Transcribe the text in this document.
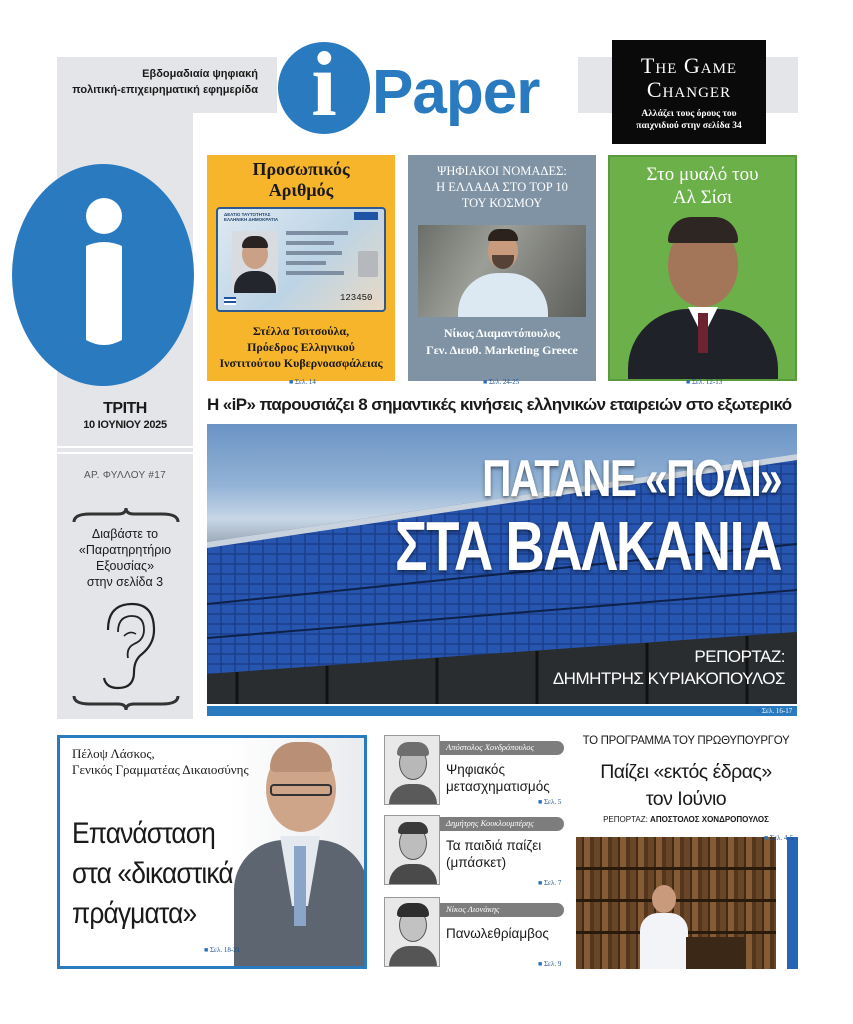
Εβδομαδιαία ψηφιακή
πολιτική-επιχειρηματική εφημερίδα i Paper	The Game
Changer
Αλλάζει τους όρους του
παιχνιδιού στην σελίδα 34
ΤΡΙΤΗ
10 ΙΟΥΝΙΟΥ 2025
ΑΡ. ΦΥΛΛΟΥ #17
Διαβάστε το
«Παρατηρητήριο
Εξουσίας»
στην σελίδα 3
Προσωπικός
Αριθμός
ΔΕΛΤΙΟ ΤΑΥΤΟΤΗΤΑΣ
ΕΛΛΗΝΙΚΗ ΔΗΜΟΚΡΑΤΙΑ
123450
Στέλλα Τσιτσούλα,
Πρόεδρος Ελληνικού
Ινστιτούτου Κυβερνοασφάλειας
■ Σελ. 14
ΨΗΦΙΑΚΟΙ ΝΟΜΑΔΕΣ:
Η ΕΛΛΑΔΑ ΣΤΟ TOP 10
ΤΟΥ ΚΟΣΜΟΥ
Νίκος Διαμαντόπουλος
Γεν. Διευθ. Marketing Greece
■ Σελ. 24-25
Στο μυαλό του
Αλ Σίσι
■ Σελ. 12-13
Η «iP» παρουσιάζει 8 σημαντικές κινήσεις ελληνικών εταιρειών στο εξωτερικό
ΠΑΤΑΝΕ «ΠΟΔΙ»
ΣΤΑ ΒΑΛΚΑΝΙΑ
ΡΕΠΟΡΤΑΖ:
ΔΗΜΗΤΡΗΣ ΚΥΡΙΑΚΟΠΟΥΛΟΣ
■ Σελ. 16-17
Πέλοψ Λάσκος,
Γενικός Γραμματέας Δικαιοσύνης
Επανάσταση
στα «δικαστικά
πράγματα»
■ Σελ. 18-21
Απόστολος Χονδρόπουλος
Ψηφιακός
μετασχηματισμός
■ Σελ. 5
Δημήτρης Κουκλουμπέρης
Τα παιδιά παίζει
(μπάσκετ)
■ Σελ. 7
Νίκος Λιονάκης
Πανωλεθρίαμβος
■ Σελ. 9
ΤΟ ΠΡΟΓΡΑΜΜΑ ΤΟΥ ΠΡΩΘΥΠΟΥΡΓΟΥ
Παίζει «εκτός έδρας»
τον Ιούνιο
ΡΕΠΟΡΤΑΖ: ΑΠΟΣΤΟΛΟΣ ΧΟΝΔΡΟΠΟΥΛΟΣ
■ Σελ. 4-5
